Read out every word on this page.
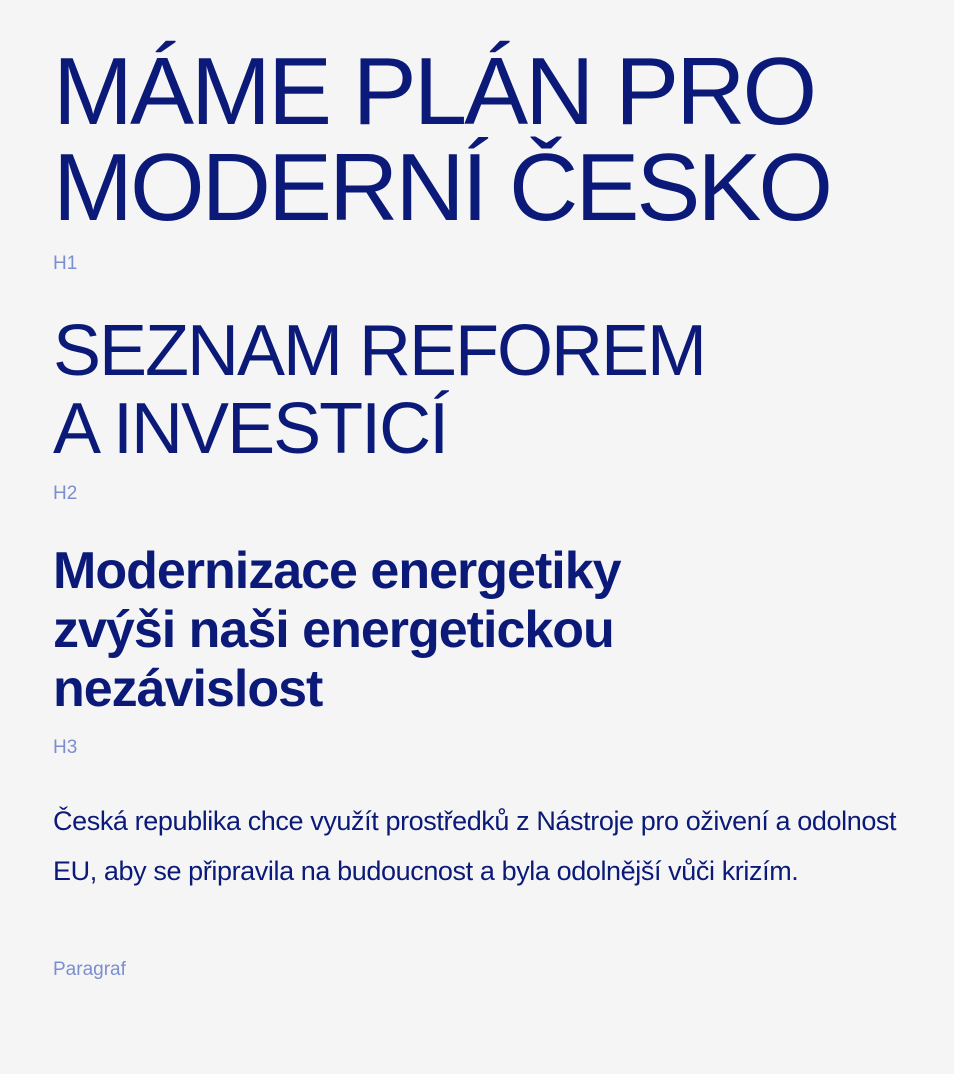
MÁME PLÁN PRO
MODERNÍ ČESKO
H1
SEZNAM REFOREM
A INVESTICÍ
H2
Modernizace energetiky
zvýši naši energetickou
nezávislost
H3

Česká republika chce využít prostředků z Nástroje pro oživení a odolnost EU, aby se připravila na budoucnost a byla odolnější vůči krizím.

Paragraf
